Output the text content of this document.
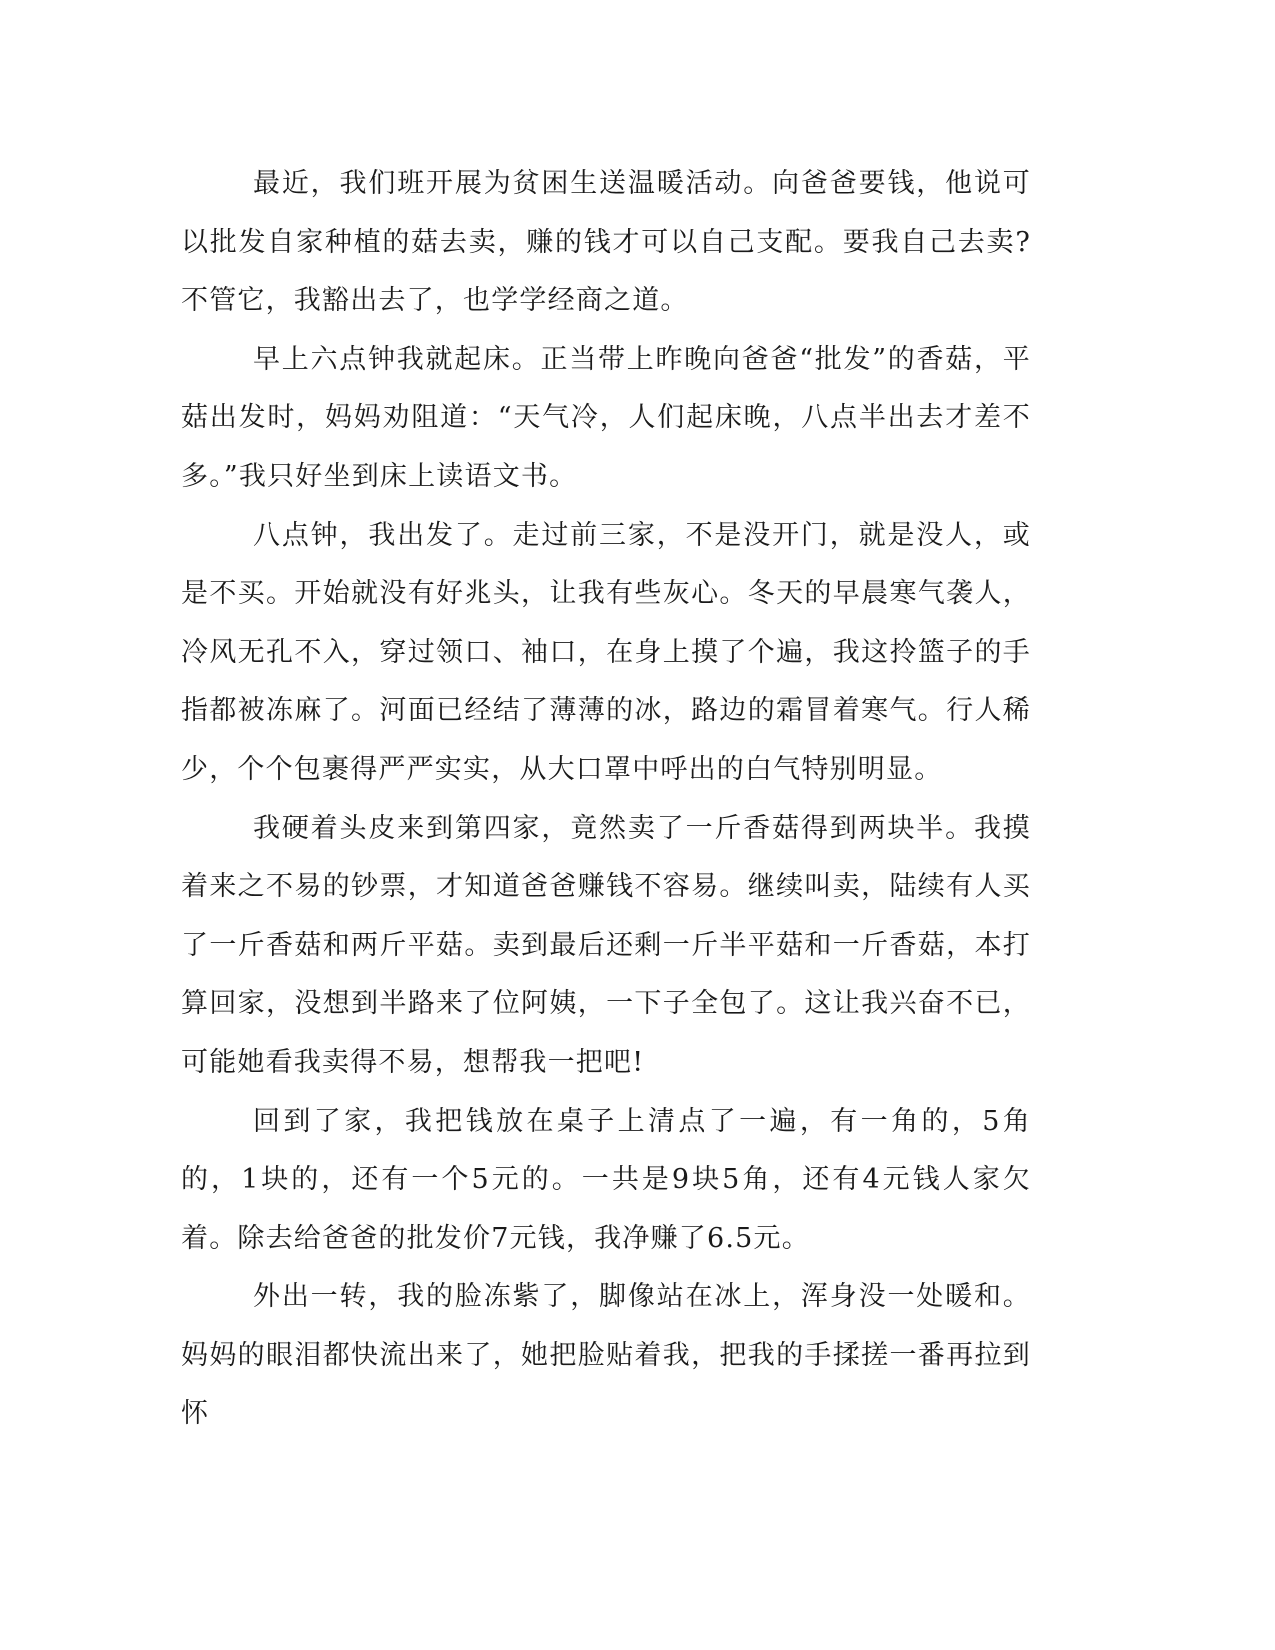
最近，我们班开展为贫困生送温暖活动。向爸爸要钱，他说可以批发自家种植的菇去卖，赚的钱才可以自己支配。要我自己去卖?不管它，我豁出去了，也学学经商之道。

早上六点钟我就起床。正当带上昨晚向爸爸“批发”的香菇，平菇出发时，妈妈劝阻道：“天气冷，人们起床晚，八点半出去才差不多。”我只好坐到床上读语文书。

八点钟，我出发了。走过前三家，不是没开门，就是没人，或是不买。开始就没有好兆头，让我有些灰心。冬天的早晨寒气袭人，冷风无孔不入，穿过领口、袖口，在身上摸了个遍，我这拎篮子的手指都被冻麻了。河面已经结了薄薄的冰，路边的霜冒着寒气。行人稀少，个个包裹得严严实实，从大口罩中呼出的白气特别明显。

我硬着头皮来到第四家，竟然卖了一斤香菇得到两块半。我摸着来之不易的钞票，才知道爸爸赚钱不容易。继续叫卖，陆续有人买了一斤香菇和两斤平菇。卖到最后还剩一斤半平菇和一斤香菇，本打算回家，没想到半路来了位阿姨，一下子全包了。这让我兴奋不已，可能她看我卖得不易，想帮我一把吧!

回到了家，我把钱放在桌子上清点了一遍，有一角的，5角的，1块的，还有一个5元的。一共是9块5角，还有4元钱人家欠着。除去给爸爸的批发价7元钱，我净赚了6.5元。

外出一转，我的脸冻紫了，脚像站在冰上，浑身没一处暖和。妈妈的眼泪都快流出来了，她把脸贴着我，把我的手揉搓一番再拉到怀
